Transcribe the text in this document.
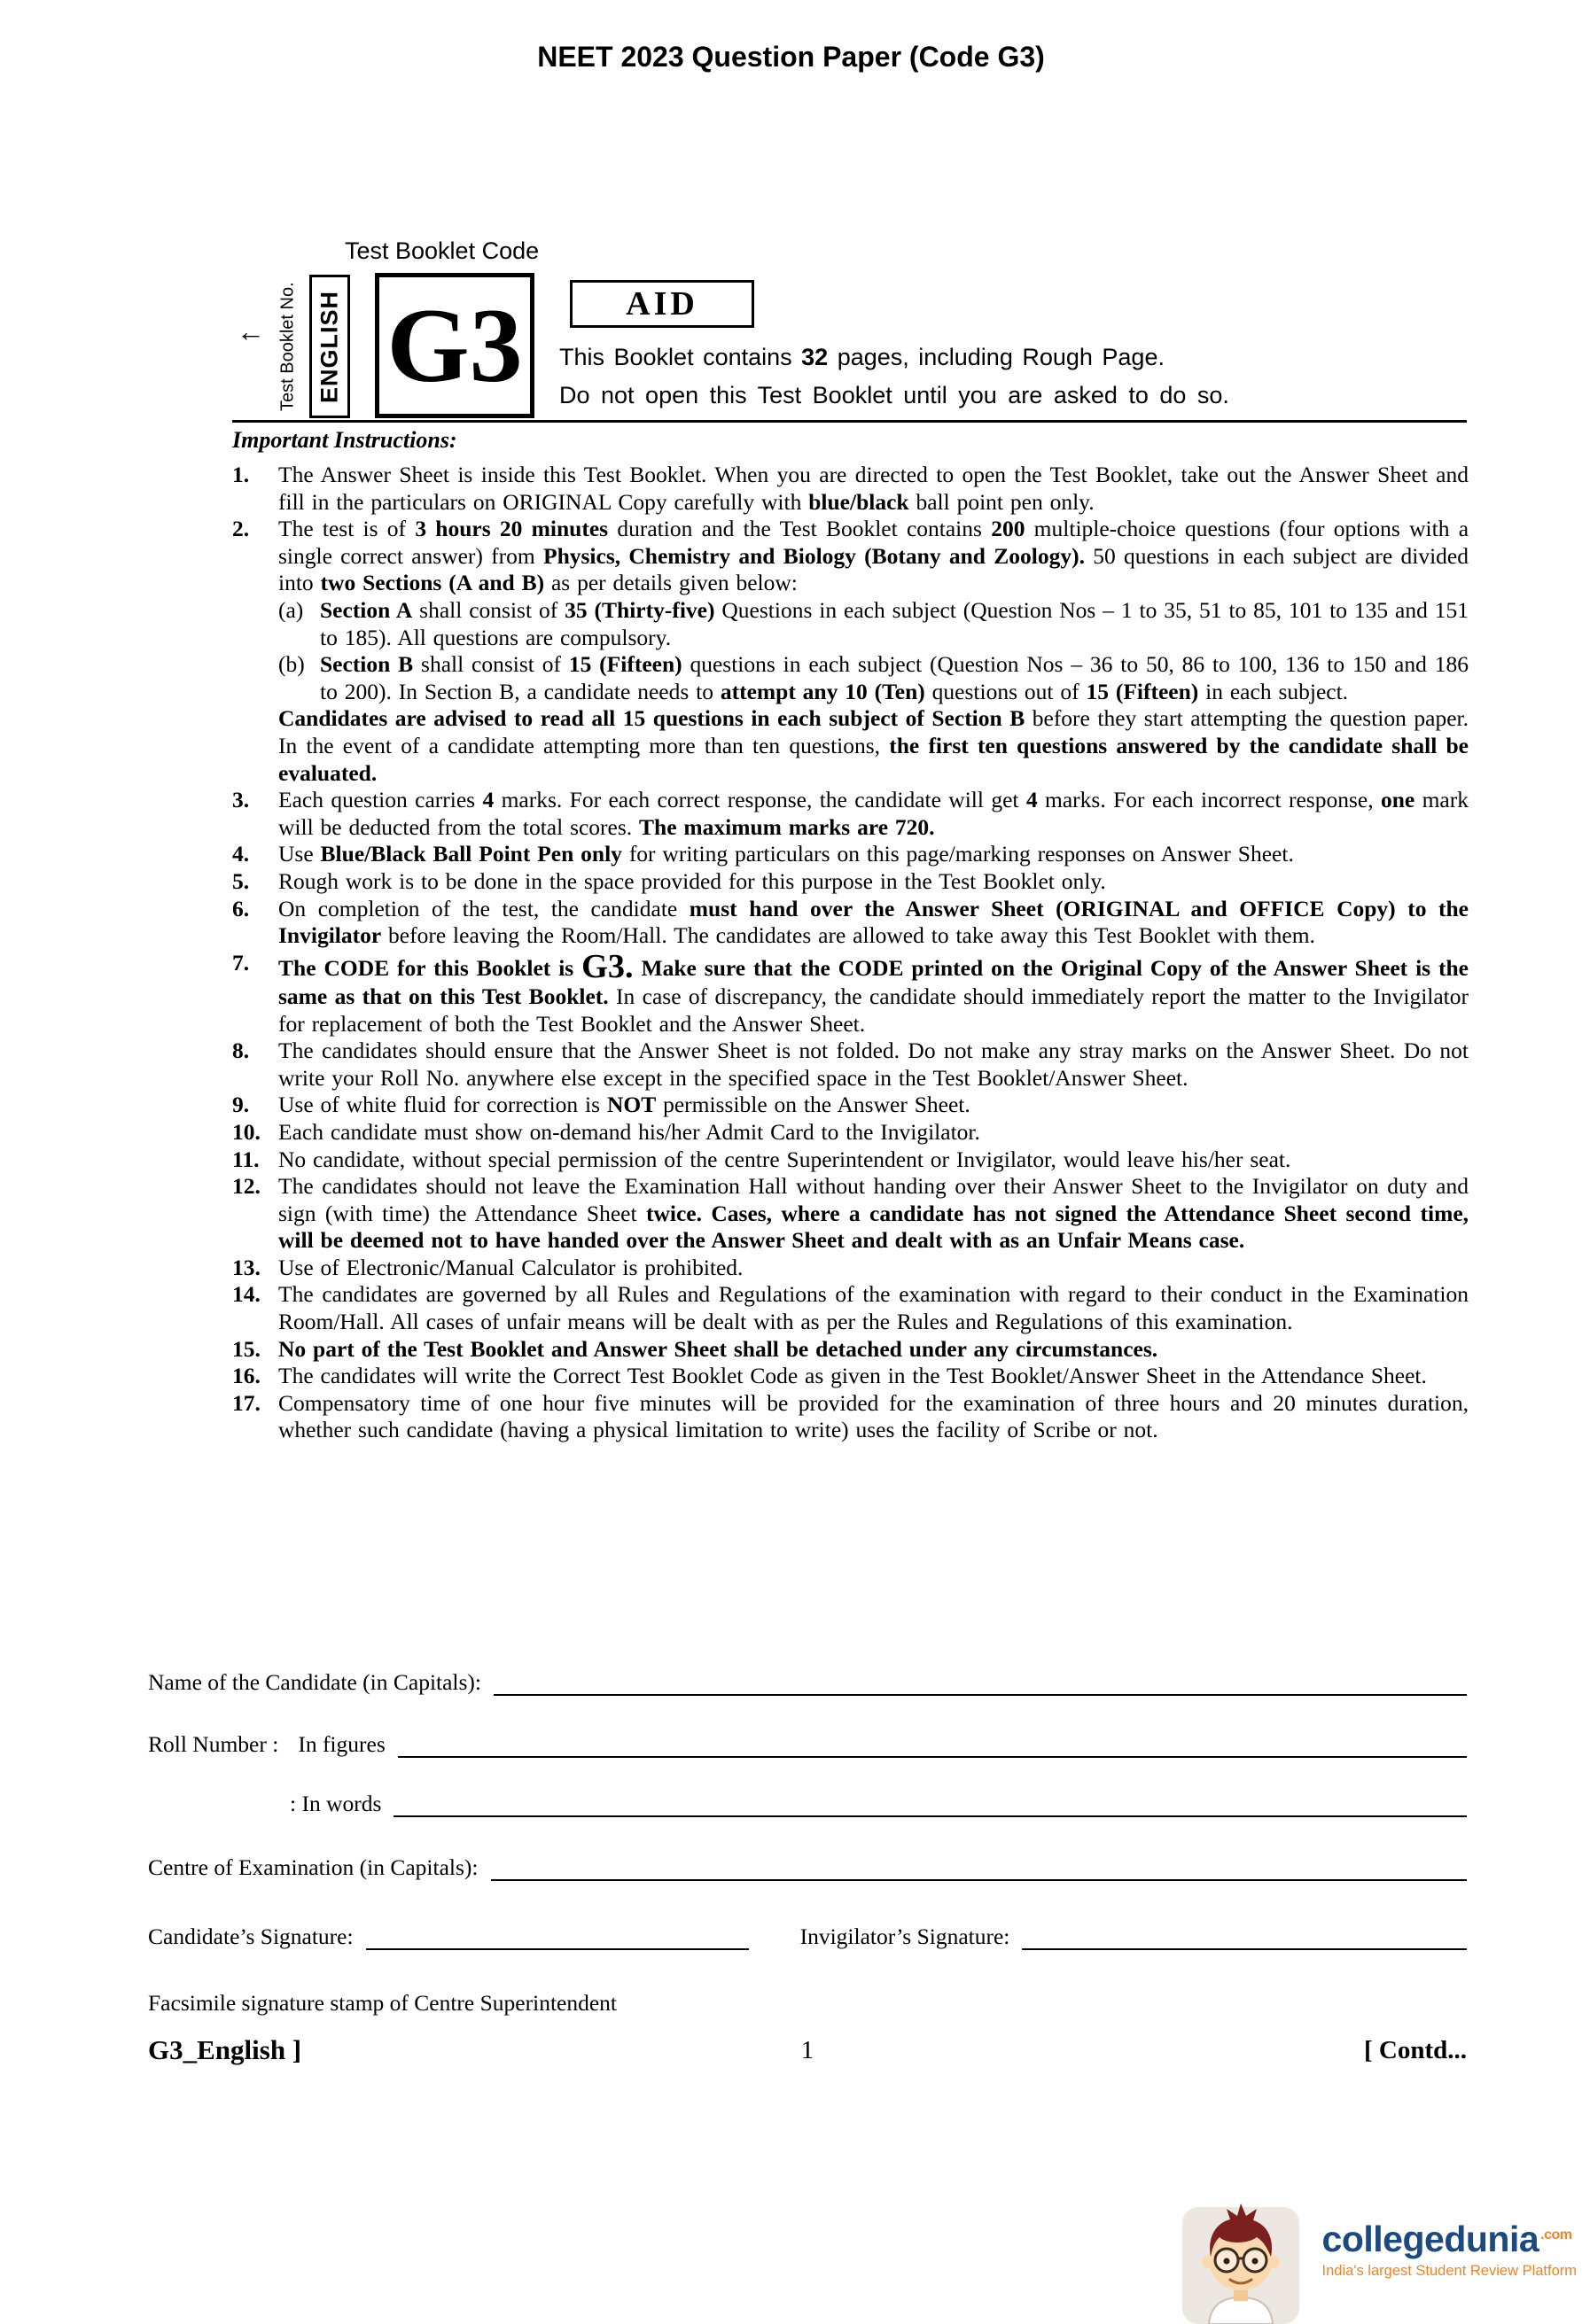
NEET 2023 Question Paper (Code G3)
Test Booklet Code
← Test Booklet No. ENGLISH G3	AID
This Booklet contains 32 pages, including Rough Page.
Do not open this Test Booklet until you are asked to do so.
Important Instructions:
1.	The Answer Sheet is inside this Test Booklet. When you are directed to open the Test Booklet, take out the Answer Sheet and fill in the particulars on ORIGINAL Copy carefully with blue/black ball point pen only.
2.	The test is of 3 hours 20 minutes duration and the Test Booklet contains 200 multiple-choice questions (four options with a single correct answer) from Physics, Chemistry and Biology (Botany and Zoology). 50 questions in each subject are divided into two Sections (A and B) as per details given below:
(a) Section A shall consist of 35 (Thirty-five) Questions in each subject (Question Nos – 1 to 35, 51 to 85, 101 to 135 and 151 to 185). All questions are compulsory.
(b) Section B shall consist of 15 (Fifteen) questions in each subject (Question Nos – 36 to 50, 86 to 100, 136 to 150 and 186 to 200). In Section B, a candidate needs to attempt any 10 (Ten) questions out of 15 (Fifteen) in each subject.
Candidates are advised to read all 15 questions in each subject of Section B before they start attempting the question paper. In the event of a candidate attempting more than ten questions, the first ten questions answered by the candidate shall be evaluated.
3.	Each question carries 4 marks. For each correct response, the candidate will get 4 marks. For each incorrect response, one mark will be deducted from the total scores. The maximum marks are 720.
4.	Use Blue/Black Ball Point Pen only for writing particulars on this page/marking responses on Answer Sheet.
5.	Rough work is to be done in the space provided for this purpose in the Test Booklet only.
6.	On completion of the test, the candidate must hand over the Answer Sheet (ORIGINAL and OFFICE Copy) to the Invigilator before leaving the Room/Hall. The candidates are allowed to take away this Test Booklet with them.
7.	The CODE for this Booklet is G3. Make sure that the CODE printed on the Original Copy of the Answer Sheet is the same as that on this Test Booklet. In case of discrepancy, the candidate should immediately report the matter to the Invigilator for replacement of both the Test Booklet and the Answer Sheet.
8.	The candidates should ensure that the Answer Sheet is not folded. Do not make any stray marks on the Answer Sheet. Do not write your Roll No. anywhere else except in the specified space in the Test Booklet/Answer Sheet.
9.	Use of white fluid for correction is NOT permissible on the Answer Sheet.
10. Each candidate must show on-demand his/her Admit Card to the Invigilator.
11. No candidate, without special permission of the centre Superintendent or Invigilator, would leave his/her seat.
12. The candidates should not leave the Examination Hall without handing over their Answer Sheet to the Invigilator on duty and sign (with time) the Attendance Sheet twice. Cases, where a candidate has not signed the Attendance Sheet second time, will be deemed not to have handed over the Answer Sheet and dealt with as an Unfair Means case.
13. Use of Electronic/Manual Calculator is prohibited.
14. The candidates are governed by all Rules and Regulations of the examination with regard to their conduct in the Examination Room/Hall. All cases of unfair means will be dealt with as per the Rules and Regulations of this examination.
15. No part of the Test Booklet and Answer Sheet shall be detached under any circumstances.
16. The candidates will write the Correct Test Booklet Code as given in the Test Booklet/Answer Sheet in the Attendance Sheet.
17. Compensatory time of one hour five minutes will be provided for the examination of three hours and 20 minutes duration, whether such candidate (having a physical limitation to write) uses the facility of Scribe or not.
Name of the Candidate (in Capitals):
Roll Number : In figures
: In words
Centre of Examination (in Capitals):
Candidate’s Signature:	Invigilator’s Signature:
Facsimile signature stamp of Centre Superintendent
G3_English ]	1	[ Contd...
collegedunia $^{.com}$
India's largest Student Review Platform
